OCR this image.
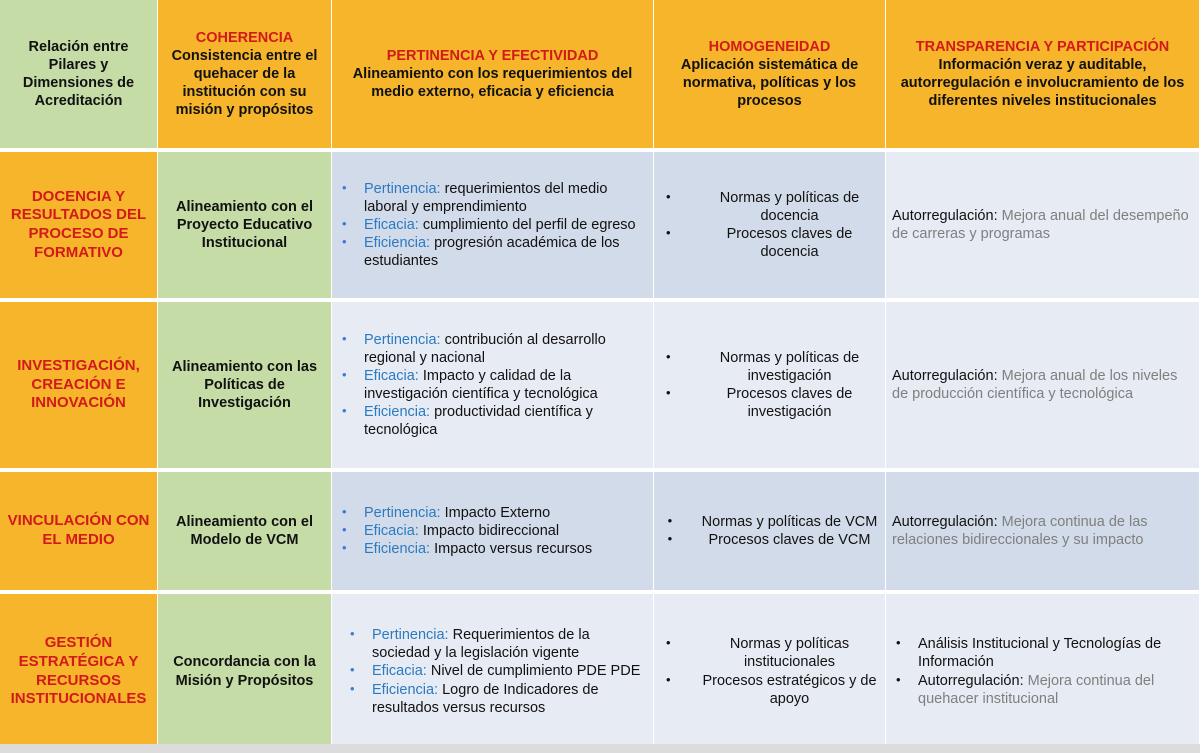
Relación entre Pilares y Dimensiones de Acreditación
COHERENCIA
Consistencia entre el quehacer de la institución con su misión y propósitos
PERTINENCIA Y EFECTIVIDAD
Alineamiento con los requerimientos del medio externo, eficacia y eficiencia
HOMOGENEIDAD
Aplicación sistemática de normativa, políticas y los procesos
TRANSPARENCIA Y PARTICIPACIÓN
Información veraz y auditable, autorregulación e involucramiento de los diferentes niveles institucionales
DOCENCIA Y RESULTADOS DEL PROCESO DE FORMATIVO
Alineamiento con el Proyecto Educativo Institucional
• Pertinencia: requerimientos del medio laboral y emprendimiento
• Eficacia: cumplimiento del perfil de egreso
• Eficiencia: progresión académica de los estudiantes
• Normas y políticas de docencia
• Procesos claves de docencia
Autorregulación: Mejora anual del desempeño de carreras y programas
INVESTIGACIÓN, CREACIÓN E INNOVACIÓN
Alineamiento con las Políticas de Investigación
• Pertinencia: contribución al desarrollo regional y nacional
• Eficacia: Impacto y calidad de la investigación científica y tecnológica
• Eficiencia: productividad científica y tecnológica
• Normas y políticas de investigación
• Procesos claves de investigación
Autorregulación: Mejora anual de los niveles de producción científica y tecnológica
VINCULACIÓN CON EL MEDIO
Alineamiento con el Modelo de VCM
• Pertinencia: Impacto Externo
• Eficacia: Impacto bidireccional
• Eficiencia: Impacto versus recursos
• Normas y políticas de VCM
• Procesos claves de VCM
Autorregulación: Mejora continua de las relaciones bidireccionales y su impacto
GESTIÓN ESTRATÉGICA Y RECURSOS INSTITUCIONALES
Concordancia con la Misión y Propósitos
• Pertinencia: Requerimientos de la sociedad y la legislación vigente
• Eficacia: Nivel de cumplimiento PDE PDE
• Eficiencia: Logro de Indicadores de resultados versus recursos
• Normas y políticas institucionales
• Procesos estratégicos y de apoyo
• Análisis Institucional y Tecnologías de Información
• Autorregulación: Mejora continua del quehacer institucional
